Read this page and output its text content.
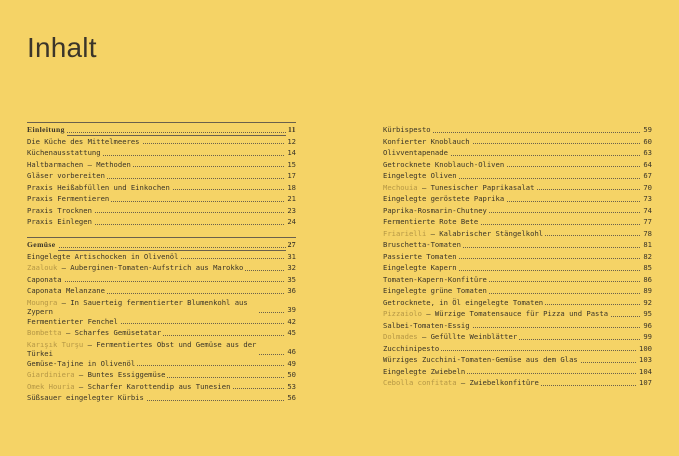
Inhalt
Einleitung	11
Die Küche des Mittelmeeres	12
Küchenausstattung	14
Haltbarmachen – Methoden	15
Gläser vorbereiten	17
Praxis Heißabfüllen und Einkochen	18
Praxis Fermentieren	21
Praxis Trocknen	23
Praxis Einlegen	24
Gemüse	27
Eingelegte Artischocken in Olivenöl	31
Zaalouk – Auberginen-Tomaten-Aufstrich aus Marokko	32
Caponata	35
Caponata Melanzane	36
Moungra – In Sauerteig fermentierter Blumenkohl aus Zypern	39
Fermentierter Fenchel	42
Bombetta – Scharfes Gemüsetatar	45
Karışık Turşu – Fermentiertes Obst und Gemüse aus der Türkei	46
Gemüse-Tajine in Olivenöl	49
Giardiniera – Buntes Essiggemüse	50
Omek Houria – Scharfer Karottendip aus Tunesien	53
Süßsauer eingelegter Kürbis	56
Kürbispesto	59
Konfierter Knoblauch	60
Olivventapenade	63
Getrocknete Knoblauch-Oliven	64
Eingelegte Oliven	67
Mechouia – Tunesischer Paprikasalat	70
Eingelegte geröstete Paprika	73
Paprika-Rosmarin-Chutney	74
Fermentierte Rote Bete	77
Friarielli – Kalabrischer Stängelkohl	78
Bruschetta-Tomaten	81
Passierte Tomaten	82
Eingelegte Kapern	85
Tomaten-Kapern-Konfitüre	86
Eingelegte grüne Tomaten	89
Getrocknete, in Öl eingelegte Tomaten	92
Pizzaiolo – Würzige Tomatensauce für Pizza und Pasta	95
Salbei-Tomaten-Essig	96
Dolmades – Gefüllte Weinblätter	99
Zucchinipesto	100
Würziges Zucchini-Tomaten-Gemüse aus dem Glas	103
Eingelegte Zwiebeln	104
Cebolla confitata – Zwiebelkonfitüre	107
